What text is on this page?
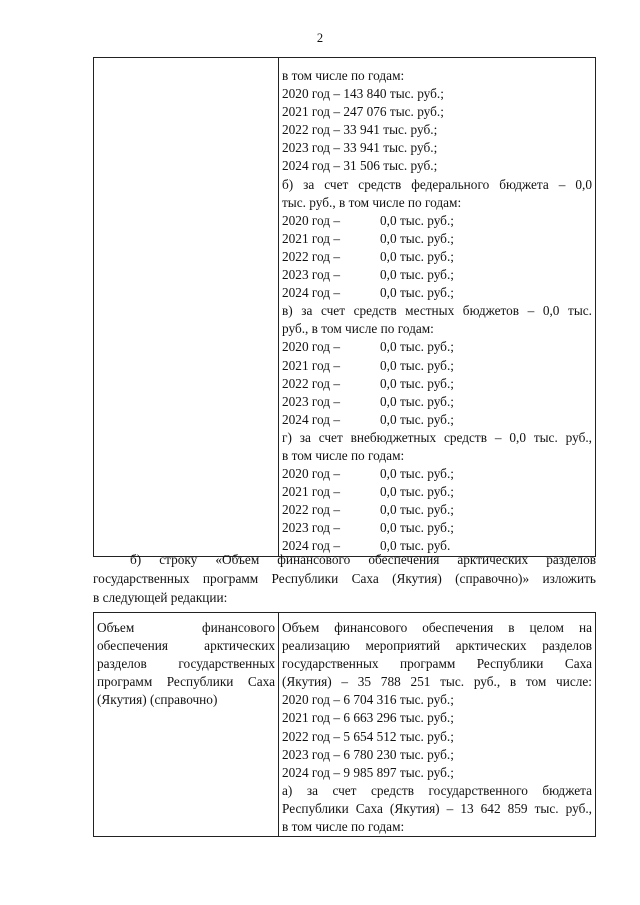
2

в том числе по годам:
2020 год – 143 840 тыс. руб.;
2021 год – 247 076 тыс. руб.;
2022 год – 33 941 тыс. руб.;
2023 год – 33 941 тыс. руб.;
2024 год – 31 506 тыс. руб.;
б) за счет средств федерального бюджета – 0,0
тыс. руб., в том числе по годам:
2020 год –	0,0 тыс. руб.;
2021 год –	0,0 тыс. руб.;
2022 год –	0,0 тыс. руб.;
2023 год –	0,0 тыс. руб.;
2024 год –	0,0 тыс. руб.;
в) за счет средств местных бюджетов – 0,0 тыс.
руб., в том числе по годам:
2020 год –	0,0 тыс. руб.;
2021 год –	0,0 тыс. руб.;
2022 год –	0,0 тыс. руб.;
2023 год –	0,0 тыс. руб.;
2024 год –	0,0 тыс. руб.;
г) за счет внебюджетных средств – 0,0 тыс. руб.,
в том числе по годам:
2020 год –	0,0 тыс. руб.;
2021 год –	0,0 тыс. руб.;
2022 год –	0,0 тыс. руб.;
2023 год –	0,0 тыс. руб.;
2024 год –	0,0 тыс. руб.
б) строку «Объем финансового обеспечения арктических разделов
государственных программ Республики Саха (Якутия) (справочно)» изложить
в следующей редакции:
Объем финансового
обеспечения арктических
разделов государственных
программ Республики Саха
(Якутия) (справочно)

Объем финансового обеспечения в целом на
реализацию мероприятий арктических разделов
государственных программ Республики Саха
(Якутия) – 35 788 251 тыс. руб., в том числе:
2020 год – 6 704 316 тыс. руб.;
2021 год – 6 663 296 тыс. руб.;
2022 год – 5 654 512 тыс. руб.;
2023 год – 6 780 230 тыс. руб.;
2024 год – 9 985 897 тыс. руб.;
а) за счет средств государственного бюджета
Республики Саха (Якутия) – 13 642 859 тыс. руб.,
в том числе по годам:
